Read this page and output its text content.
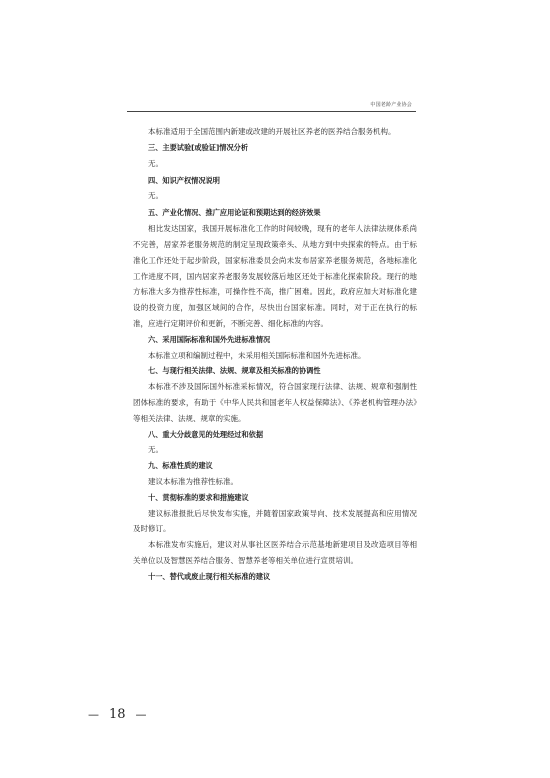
中国老龄产业协会

本标准适用于全国范围内新建或改建的开展社区养老的医养结合服务机构。

三、主要试验[或验证]情况分析

无。

四、知识产权情况说明

无。

五、产业化情况、推广应用论证和预期达到的经济效果

相比发达国家，我国开展标准化工作的时间较晚，现有的老年人法律法规体系尚不完善，居家养老服务规范的制定呈现政策牵头、从地方到中央探索的特点。由于标准化工作还处于起步阶段，国家标准委员会尚未发布居家养老服务规范，各地标准化工作进度不同，国内居家养老服务发展较落后地区还处于标准化探索阶段。现行的地方标准大多为推荐性标准，可操作性不高，推广困难。因此，政府应加大对标准化建设的投资力度，加强区域间的合作，尽快出台国家标准。同时，对于正在执行的标准，应进行定期评价和更新，不断完善、细化标准的内容。

六、采用国际标准和国外先进标准情况

本标准立项和编制过程中，未采用相关国际标准和国外先进标准。

七、与现行相关法律、法规、规章及相关标准的协调性

本标准不涉及国际国外标准采标情况，符合国家现行法律、法规、规章和强制性团体标准的要求，有助于《中华人民共和国老年人权益保障法》、《养老机构管理办法》等相关法律、法规、规章的实施。

八、重大分歧意见的处理经过和依据

无。

九、标准性质的建议

建议本标准为推荐性标准。

十、贯彻标准的要求和措施建议

建议标准报批后尽快发布实施，并随着国家政策导向、技术发展提高和应用情况及时修订。

本标准发布实施后，建议对从事社区医养结合示范基地新建项目及改造项目等相关单位以及智慧医养结合服务、智慧养老等相关单位进行宣贯培训。

十一、替代或废止现行相关标准的建议

— 18 —
